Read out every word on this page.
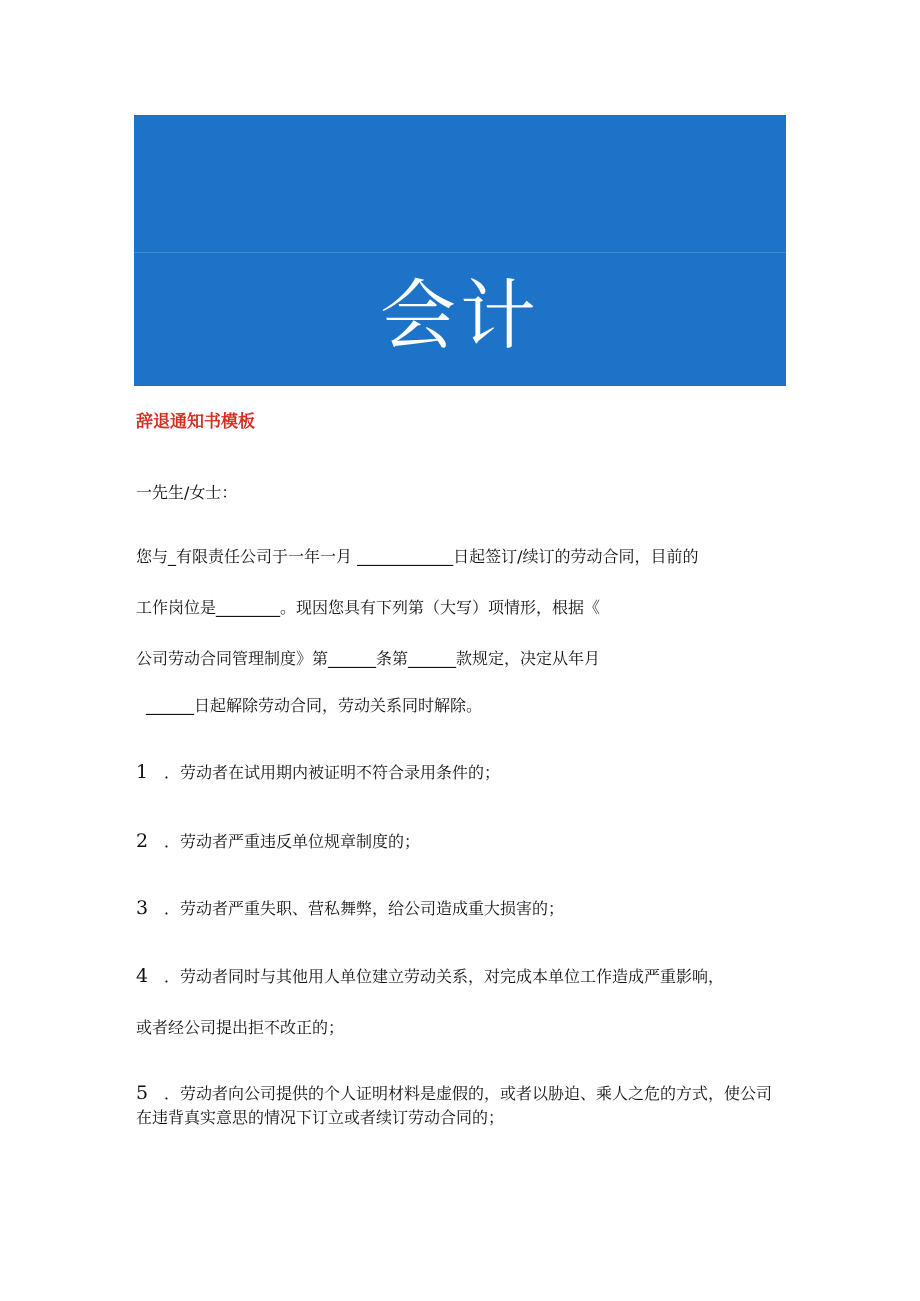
会计
实务
辞退通知书模板
一先生/女士：
您与_有限责任公司于一年一月 ____________日起签订/续订的劳动合同，目前的
工作岗位是________。现因您具有下列第（大写）项情形，根据《
公司劳动合同管理制度》第______条第______款规定，决定从年月
______日起解除劳动合同，劳动关系同时解除。
1 ．劳动者在试用期内被证明不符合录用条件的；
2 ．劳动者严重违反单位规章制度的；
3 ．劳动者严重失职、营私舞弊，给公司造成重大损害的；
4 ．劳动者同时与其他用人单位建立劳动关系，对完成本单位工作造成严重影响，
或者经公司提出拒不改正的；
5 ．劳动者向公司提供的个人证明材料是虚假的，或者以胁迫、乘人之危的方式，使公司在违背真实意思的情况下订立或者续订劳动合同的；
